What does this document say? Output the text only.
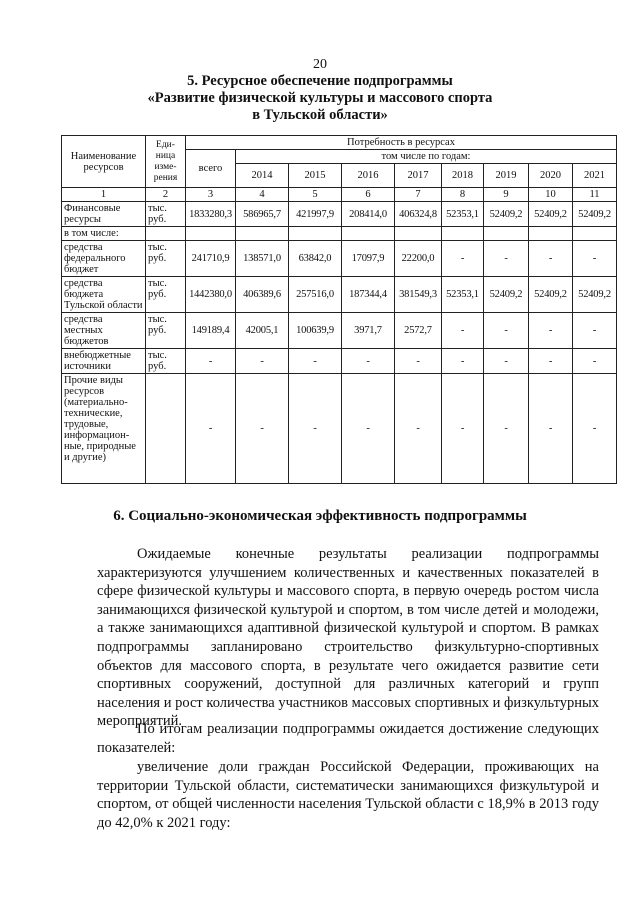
20
5. Ресурсное обеспечение подпрограммы
«Развитие физической культуры и массового спорта
в Тульской области»
Наименование ресурсов	Еди-ница изме-рения	Потребность в ресурсах								
		всего	том числе по годам:							
			2014	2015	2016	2017	2018	2019	2020	2021
1	2	3	4	5	6	7	8	9	10	11
Финансовые ресурсы	тыс. руб.	1833280,3	586965,7	421997,9	208414,0	406324,8	52353,1	52409,2	52409,2	52409,2
в том числе:										
средства федерального бюджет	тыс. руб.	241710,9	138571,0	63842,0	17097,9	22200,0	-	-	-	-
средства бюджета Тульской области	тыс. руб.	1442380,0	406389,6	257516,0	187344,4	381549,3	52353,1	52409,2	52409,2	52409,2
средства местных бюджетов	тыс. руб.	149189,4	42005,1	100639,9	3971,7	2572,7	-	-	-	-
внебюджетные источники	тыс. руб.	-	-	-	-	-	-	-	-	-
Прочие виды ресурсов (материально-технические, трудовые, информацион-ные, природные и другие)		-	-	-	-	-	-	-	-	-
6. Социально-экономическая эффективность подпрограммы

Ожидаемые конечные результаты реализации подпрограммы характеризуются улучшением количественных и качественных показателей в сфере физической культуры и массового спорта, в первую очередь ростом числа занимающихся физической культурой и спортом, в том числе детей и молодежи, а также занимающихся адаптивной физической культурой и спортом. В рамках подпрограммы запланировано строительство физкультурно-спортивных объектов для массового спорта, в результате чего ожидается развитие сети спортивных сооружений, доступной для различных категорий и групп населения и рост количества участников массовых спортивных и физкультурных мероприятий.

По итогам реализации подпрограммы ожидается достижение следующих показателей:

увеличение доли граждан Российской Федерации, проживающих на территории Тульской области, систематически занимающихся физкультурой и спортом, от общей численности населения Тульской области с 18,9% в 2013 году до 42,0% к 2021 году:
